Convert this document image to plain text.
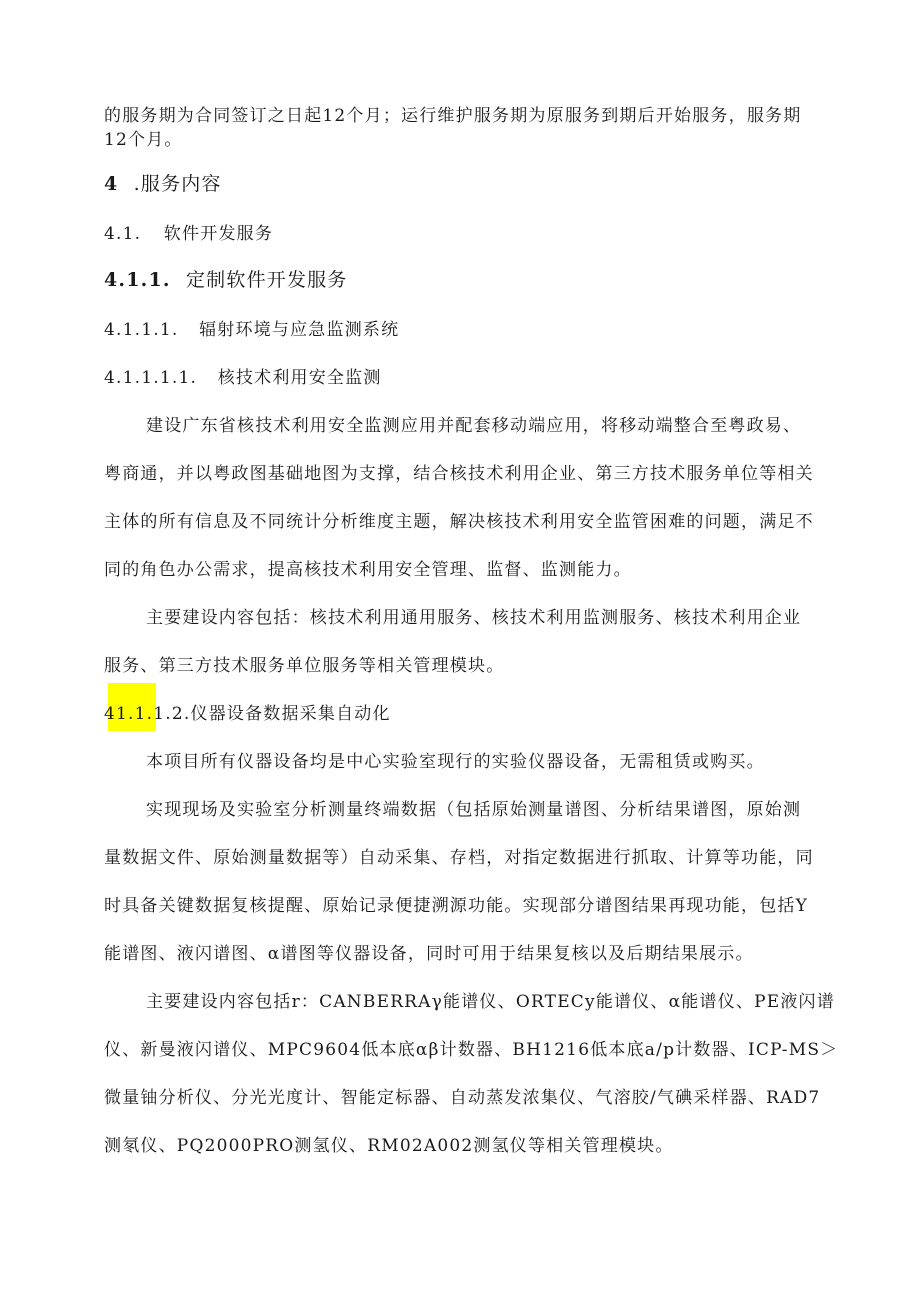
的服务期为合同签订之日起12个月；运行维护服务期为原服务到期后开始服务，服务期
12个月。
4 .服务内容
4.1. 软件开发服务
4.1.1. 定制软件开发服务
4.1.1.1. 辐射环境与应急监测系统
4.1.1.1.1. 核技术利用安全监测
建设广东省核技术利用安全监测应用并配套移动端应用，将移动端整合至粤政易、
粤商通，并以粤政图基础地图为支撑，结合核技术利用企业、第三方技术服务单位等相关
主体的所有信息及不同统计分析维度主题，解决核技术利用安全监管困难的问题，满足不
同的角色办公需求，提高核技术利用安全管理、监督、监测能力。
主要建设内容包括：核技术利用通用服务、核技术利用监测服务、核技术利用企业
服务、第三方技术服务单位服务等相关管理模块。
41.1.1.2.仪器设备数据采集自动化
本项目所有仪器设备均是中心实验室现行的实验仪器设备，无需租赁或购买。
实现现场及实验室分析测量终端数据（包括原始测量谱图、分析结果谱图，原始测
量数据文件、原始测量数据等）自动采集、存档，对指定数据进行抓取、计算等功能，同
时具备关键数据复核提醒、原始记录便捷溯源功能。实现部分谱图结果再现功能，包括Y
能谱图、液闪谱图、α谱图等仪器设备，同时可用于结果复核以及后期结果展示。
主要建设内容包括r：CANBERRAγ能谱仪、ORTECy能谱仪、α能谱仪、PE液闪谱
仪、新曼液闪谱仪、MPC9604低本底αβ计数器、BH1216低本底a/p计数器、ICP-MS＞
微量铀分析仪、分光光度计、智能定标器、自动蒸发浓集仪、气溶胶/气碘采样器、RAD7
测氡仪、PQ2000PRO测氢仪、RM02A002测氢仪等相关管理模块。
